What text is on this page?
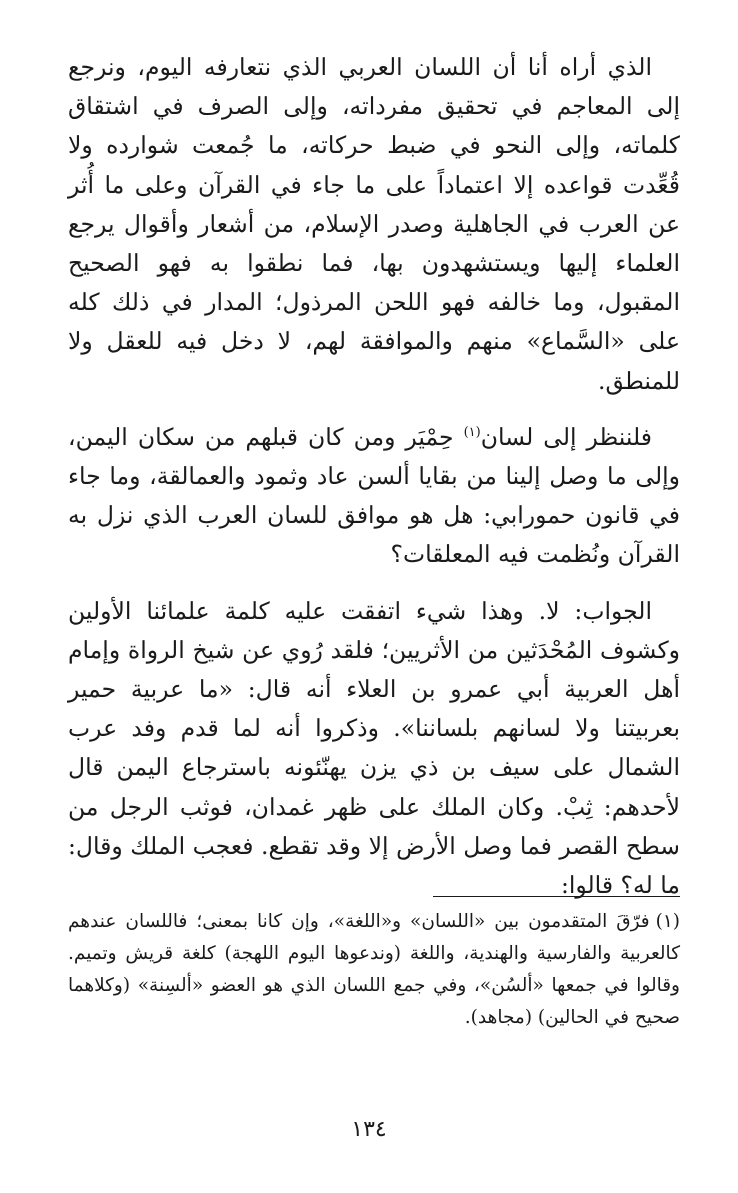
الذي أراه أنا أن اللسان العربي الذي نتعارفه اليوم، ونرجع إلى المعاجم في تحقيق مفرداته، وإلى الصرف في اشتقاق كلماته، وإلى النحو في ضبط حركاته، ما جُمعت شوارده ولا قُعِّدت قواعده إلا اعتماداً على ما جاء في القرآن وعلى ما أُثر عن العرب في الجاهلية وصدر الإسلام، من أشعار وأقوال يرجع العلماء إليها ويستشهدون بها، فما نطقوا به فهو الصحيح المقبول، وما خالفه فهو اللحن المرذول؛ المدار في ذلك كله على «السَّماع» منهم والموافقة لهم، لا دخل فيه للعقل ولا للمنطق.

فلننظر إلى لسان$^{(١)}$ حِمْيَر ومن كان قبلهم من سكان اليمن، وإلى ما وصل إلينا من بقايا ألسن عاد وثمود والعمالقة، وما جاء في قانون حمورابي: هل هو موافق للسان العرب الذي نزل به القرآن ونُظمت فيه المعلقات؟

الجواب: لا. وهذا شيء اتفقت عليه كلمة علمائنا الأولين وكشوف المُحْدَثين من الأثريين؛ فلقد رُوي عن شيخ الرواة وإمام أهل العربية أبي عمرو بن العلاء أنه قال: «ما عربية حمير بعربيتنا ولا لسانهم بلساننا». وذكروا أنه لما قدم وفد عرب الشمال على سيف بن ذي يزن يهنّئونه باسترجاع اليمن قال لأحدهم: ثِبْ. وكان الملك على ظهر غمدان، فوثب الرجل من سطح القصر فما وصل الأرض إلا وقد تقطع. فعجب الملك وقال: ما له؟ قالوا:

(١)فرّقَ المتقدمون بين «اللسان» و«اللغة»، وإن كانا بمعنى؛ فاللسان عندهم كالعربية والفارسية والهندية، واللغة (وندعوها اليوم اللهجة) كلغة قريش وتميم. وقالوا في جمعها «ألسُن»، وفي جمع اللسان الذي هو العضو «ألسِنة» (وكلاهما صحيح في الحالين) (مجاهد).

١٣٤
